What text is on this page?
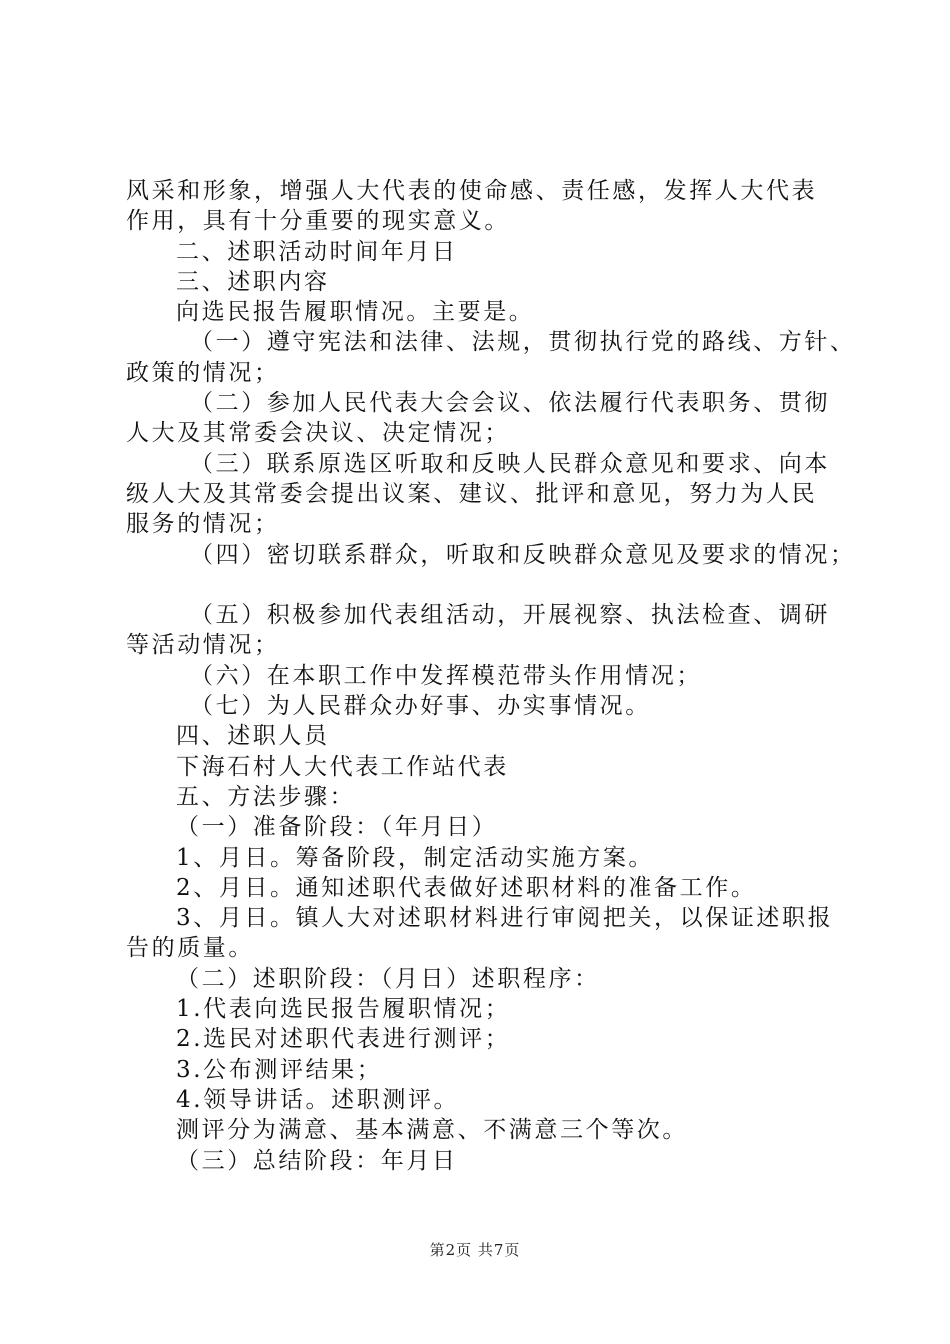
风采和形象，增强人大代表的使命感、责任感，发挥人大代表
作用，具有十分重要的现实意义。
二、述职活动时间年月日
三、述职内容
向选民报告履职情况。主要是。
（一）遵守宪法和法律、法规，贯彻执行党的路线、方针、
政策的情况；
（二）参加人民代表大会会议、依法履行代表职务、贯彻
人大及其常委会决议、决定情况；
（三）联系原选区听取和反映人民群众意见和要求、向本
级人大及其常委会提出议案、建议、批评和意见，努力为人民
服务的情况；
（四）密切联系群众，听取和反映群众意见及要求的情况；
（五）积极参加代表组活动，开展视察、执法检查、调研
等活动情况；
（六）在本职工作中发挥模范带头作用情况；
（七）为人民群众办好事、办实事情况。
四、述职人员
下海石村人大代表工作站代表
五、方法步骤：
（一）准备阶段：（年月日）
1、月日。筹备阶段，制定活动实施方案。
2、月日。通知述职代表做好述职材料的准备工作。
3、月日。镇人大对述职材料进行审阅把关，以保证述职报
告的质量。
（二）述职阶段：（月日）述职程序：
1.代表向选民报告履职情况；
2.选民对述职代表进行测评；
3.公布测评结果；
4.领导讲话。述职测评。
测评分为满意、基本满意、不满意三个等次。
（三）总结阶段：年月日
第2页 共7页
